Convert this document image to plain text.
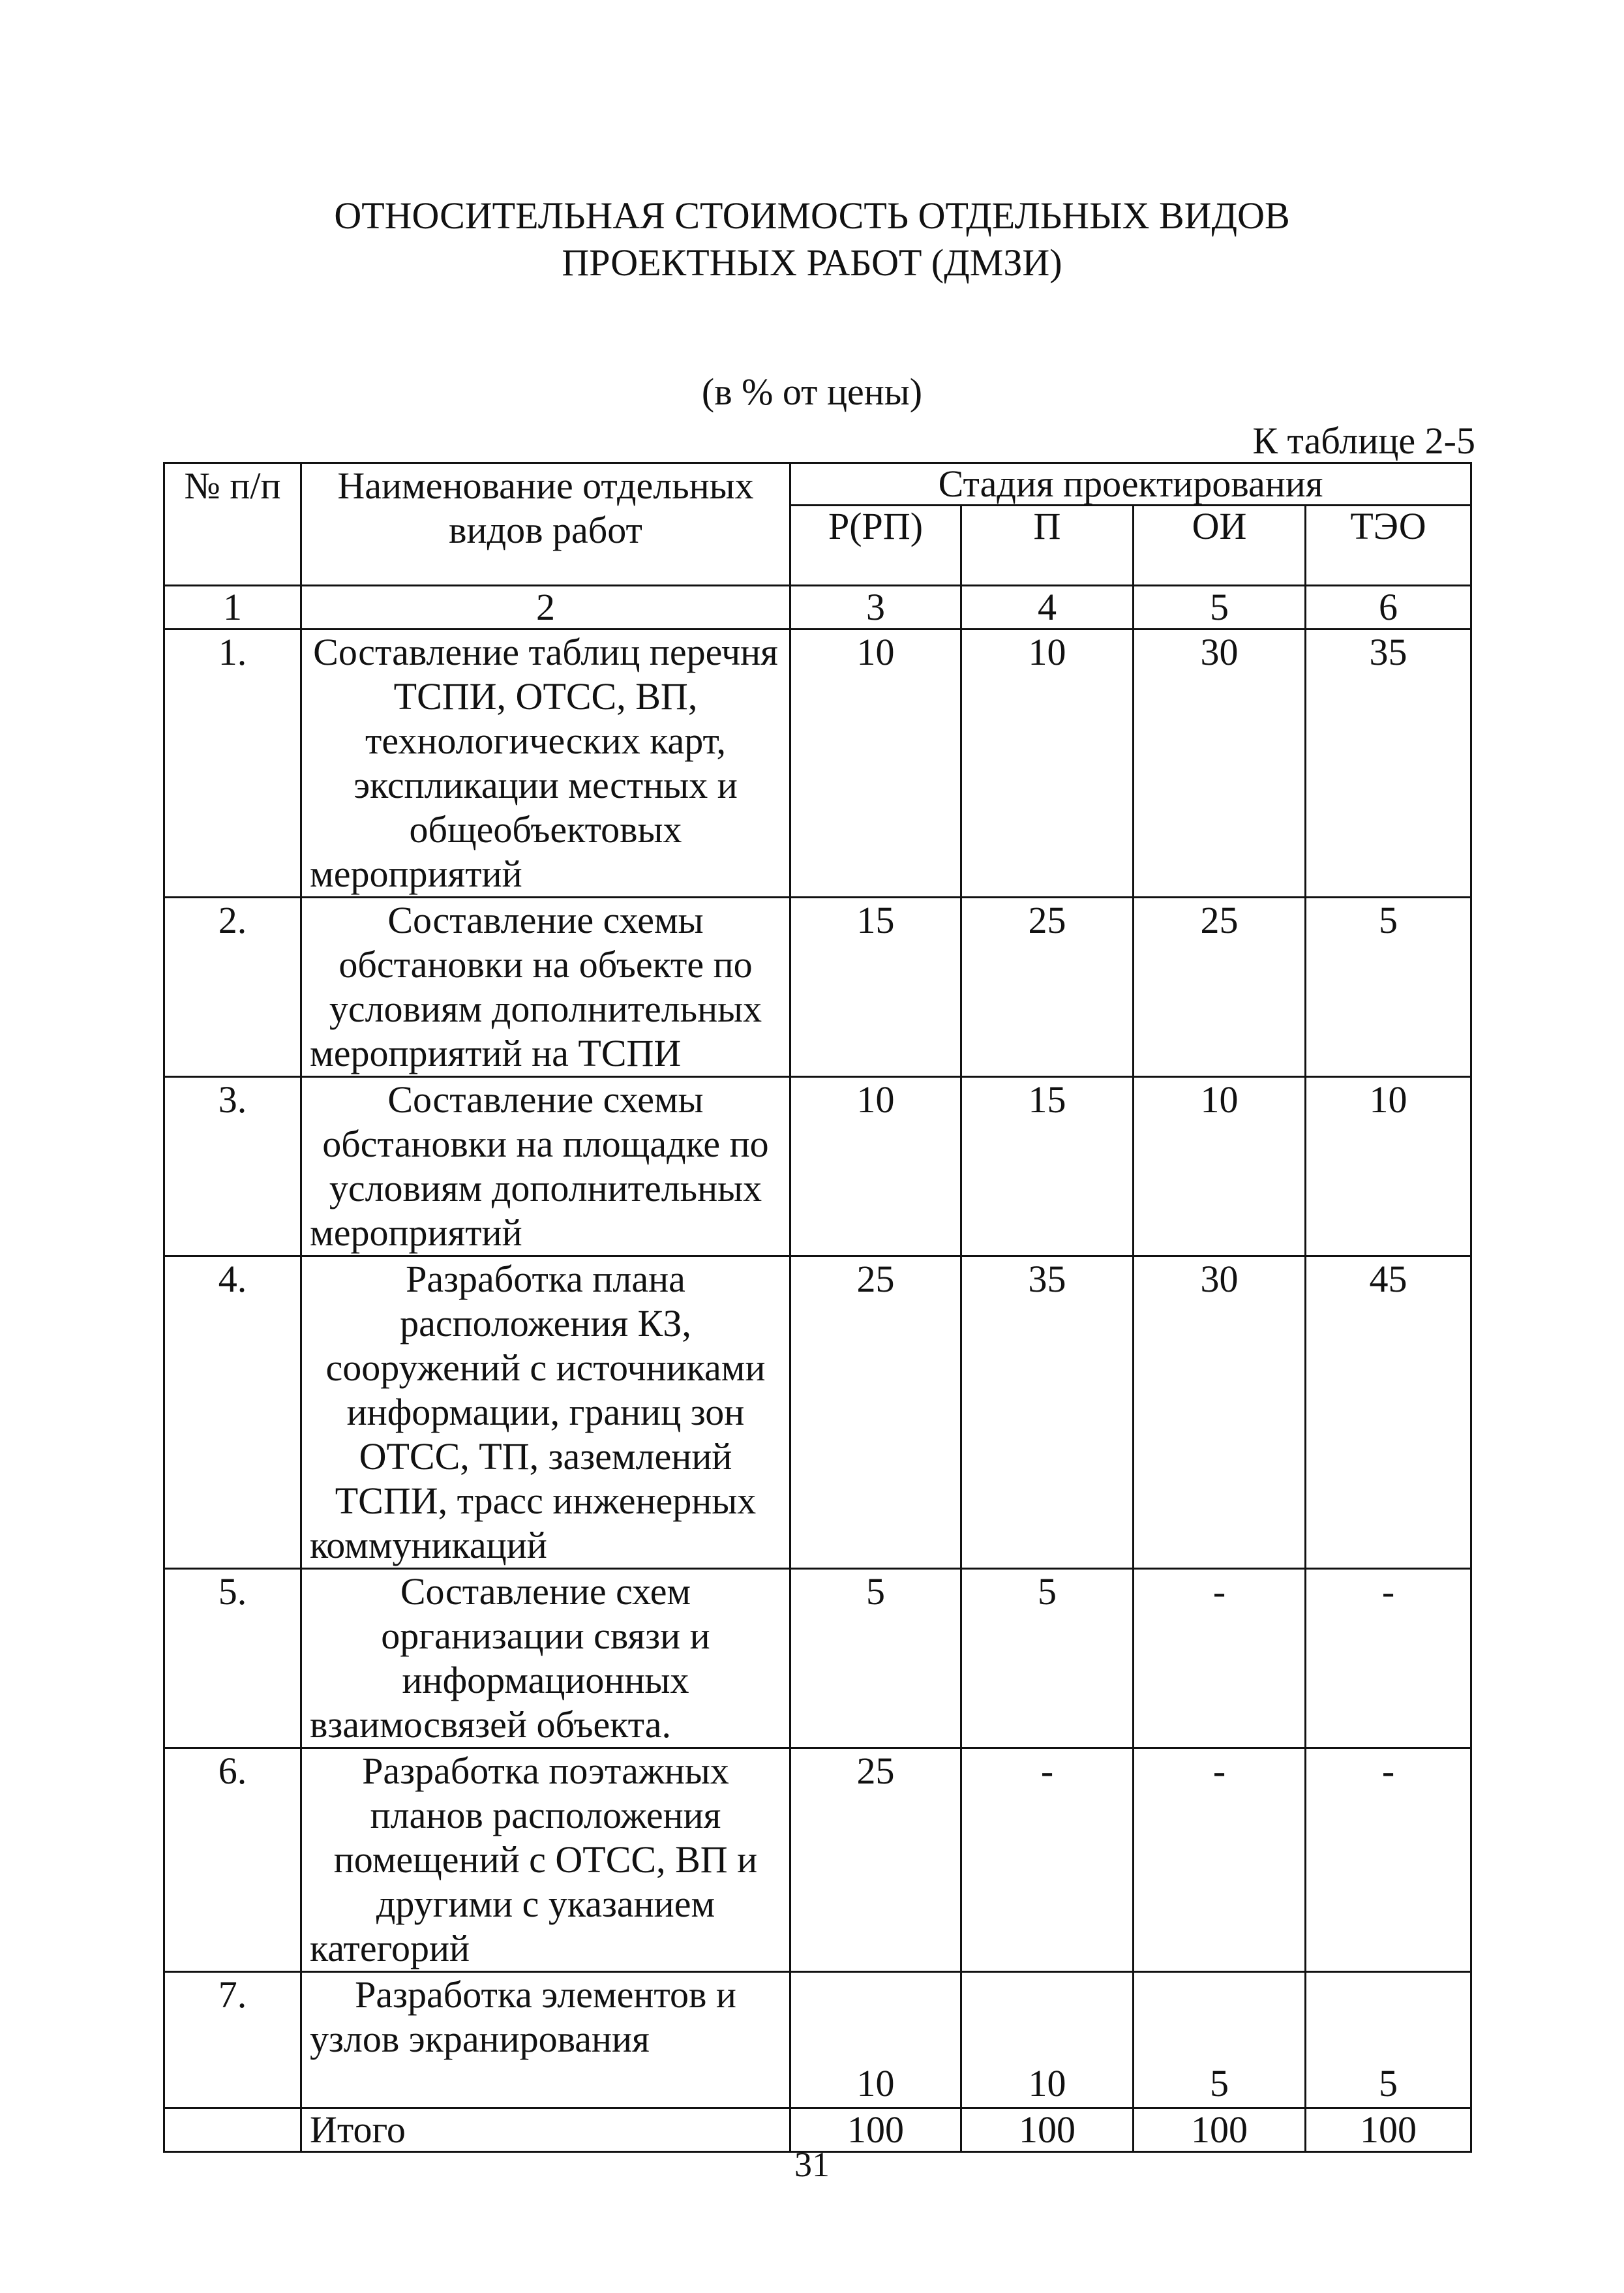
ОТНОСИТЕЛЬНАЯ СТОИМОСТЬ ОТДЕЛЬНЫХ ВИДОВ
ПРОЕКТНЫХ РАБОТ (ДМЗИ)
(в % от цены)
К таблице 2-5
№ п/п	Наименование отдельных видов работ	Стадия проектирования			
		Р(РП)	П	ОИ	ТЭО
1	2	3	4	5	6
1.	Составление таблиц перечня ТСПИ, ОТСС, ВП, технологических карт, экспликации местных и общеобъектовых мероприятий	10	10	30	35
2.	Составление схемы обстановки на объекте по условиям дополнительных мероприятий на ТСПИ	15	25	25	5
3.	Составление схемы обстановки на площадке по условиям дополнительных мероприятий	10	15	10	10
4.	Разработка плана расположения КЗ, сооружений с источниками информации, границ зон ОТСС, ТП, заземлений ТСПИ, трасс инженерных коммуникаций	25	35	30	45
5.	Составление схем организации связи и информационных взаимосвязей объекта.	5	5	-	-
6.	Разработка поэтажных планов расположения помещений с ОТСС, ВП и другими с указанием категорий	25	-	-	-
7.	Разработка элементов и узлов экранирования	10	10	5	5
	Итого	100	100	100	100
31
